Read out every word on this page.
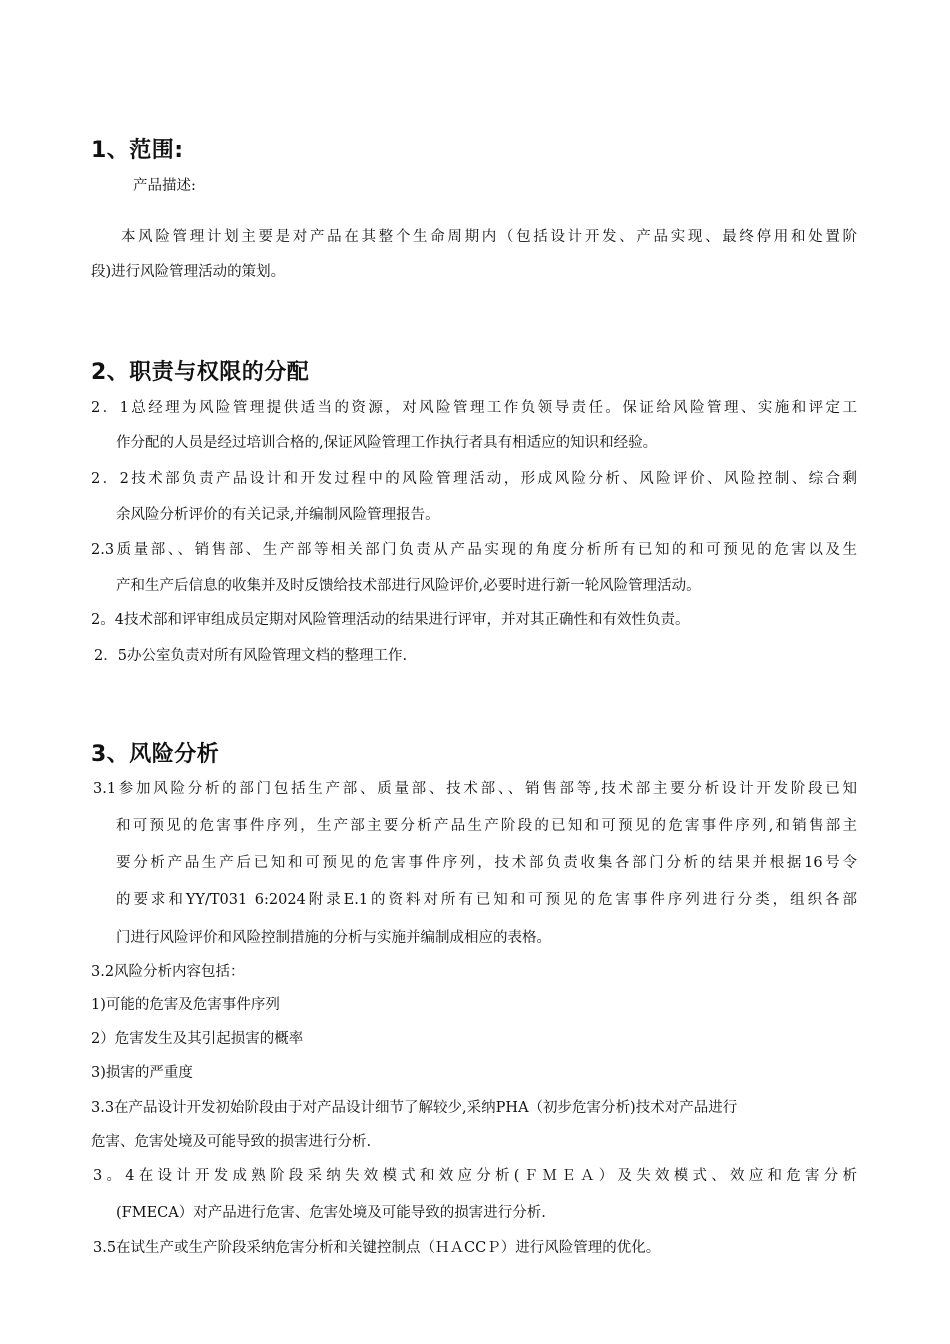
1、范围:
产品描述:
本风险管理计划主要是对产品在其整个生命周期内（包括设计开发、产品实现、最终停用和处置阶
段)进行风险管理活动的策划。
2、职责与权限的分配
2．1总经理为风险管理提供适当的资源，对风险管理工作负领导责任。保证给风险管理、实施和评定工
作分配的人员是经过培训合格的,保证风险管理工作执行者具有相适应的知识和经验。
2．2技术部负责产品设计和开发过程中的风险管理活动，形成风险分析、风险评价、风险控制、综合剩
余风险分析评价的有关记录,并编制风险管理报告。
2.3质量部、、销售部、生产部等相关部门负责从产品实现的角度分析所有已知的和可预见的危害以及生
产和生产后信息的收集并及时反馈给技术部进行风险评价,必要时进行新一轮风险管理活动。
2。4技术部和评审组成员定期对风险管理活动的结果进行评审，并对其正确性和有效性负责。
2．5办公室负责对所有风险管理文档的整理工作.
3、风险分析
3.1参加风险分析的部门包括生产部、质量部、技术部、、销售部等,技术部主要分析设计开发阶段已知
和可预见的危害事件序列，生产部主要分析产品生产阶段的已知和可预见的危害事件序列,和销售部主
要分析产品生产后已知和可预见的危害事件序列，技术部负责收集各部门分析的结果并根据16号令
的要求和YY/T031 6:2024附录E.1的资料对所有已知和可预见的危害事件序列进行分类，组织各部
门进行风险评价和风险控制措施的分析与实施并编制成相应的表格。
3.2风险分析内容包括：
1)可能的危害及危害事件序列
2）危害发生及其引起损害的概率
3)损害的严重度
3.3在产品设计开发初始阶段由于对产品设计细节了解较少,采纳PHA（初步危害分析)技术对产品进行
危害、危害处境及可能导致的损害进行分析.
3。4在设计开发成熟阶段采纳失效模式和效应分析(ＦＭＥＡ）及失效模式、效应和危害分析
(FMECA）对产品进行危害、危害处境及可能导致的损害进行分析.
3.5在试生产或生产阶段采纳危害分析和关键控制点（ＨＡCCＰ）进行风险管理的优化。
